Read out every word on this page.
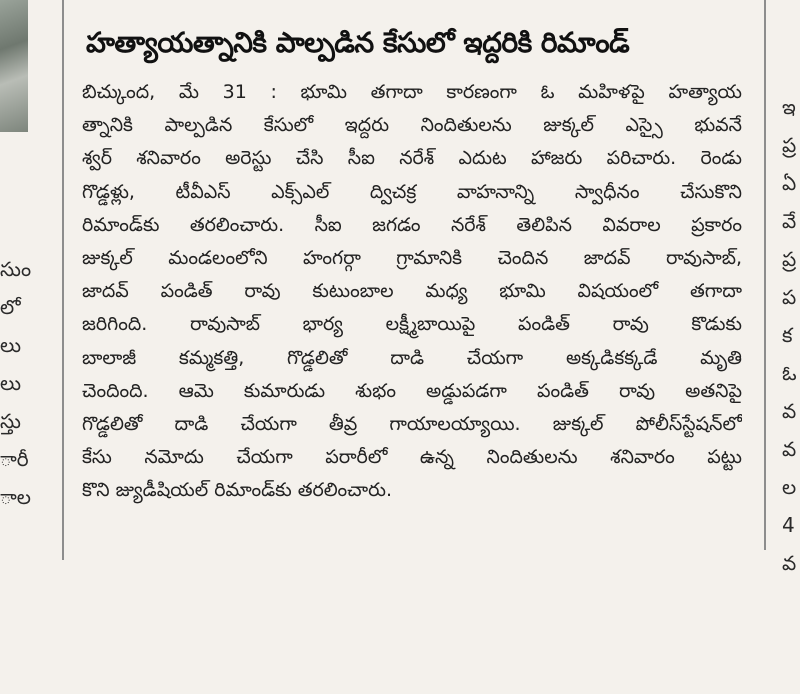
సుం
లో
లు
లు
స్తు
ారీ
ాల
హత్యాయత్నానికి పాల్పడిన కేసులో ఇద్దరికి రిమాండ్
బిచ్కుంద, మే 31 : భూమి తగాదా కారణంగా ఓ మహిళపై హత్యాయ
త్నానికి పాల్పడిన కేసులో ఇద్దరు నిందితులను జుక్కల్ ఎస్సై భువనే
శ్వర్ శనివారం అరెస్టు చేసి సీఐ నరేశ్ ఎదుట హాజరు పరిచారు. రెండు
గొడ్డళ్లు, టీవీఎస్ ఎక్స్‌ఎల్ ద్విచక్ర వాహనాన్ని స్వాధీనం చేసుకొని
రిమాండ్‌కు తరలించారు. సీఐ జగడం నరేశ్ తెలిపిన వివరాల ప్రకారం
జుక్కల్ మండలంలోని హంగర్గా గ్రామానికి చెందిన జాదవ్ రావుసాబ్,
జాదవ్ పండిత్ రావు కుటుంబాల మధ్య భూమి విషయంలో తగాదా
జరిగింది. రావుసాబ్ భార్య లక్ష్మీబాయిపై పండిత్ రావు కొడుకు
బాలాజీ కమ్మకత్తి, గొడ్డలితో దాడి చేయగా అక్కడికక్కడే మృతి
చెందింది. ఆమె కుమారుడు శుభం అడ్డుపడగా పండిత్ రావు అతనిపై
గొడ్డలితో దాడి చేయగా తీవ్ర గాయాలయ్యాయి. జుక్కల్ పోలీస్‌స్టేషన్‌లో
కేసు నమోదు చేయగా పరారీలో ఉన్న నిందితులను శనివారం పట్టు
కొని జ్యుడీషియల్ రిమాండ్‌కు తరలించారు.
ఇ
ప్ర
ఏ
వే
ప్ర
ప
క
ఓ
వ
వ
ల
4
వ
